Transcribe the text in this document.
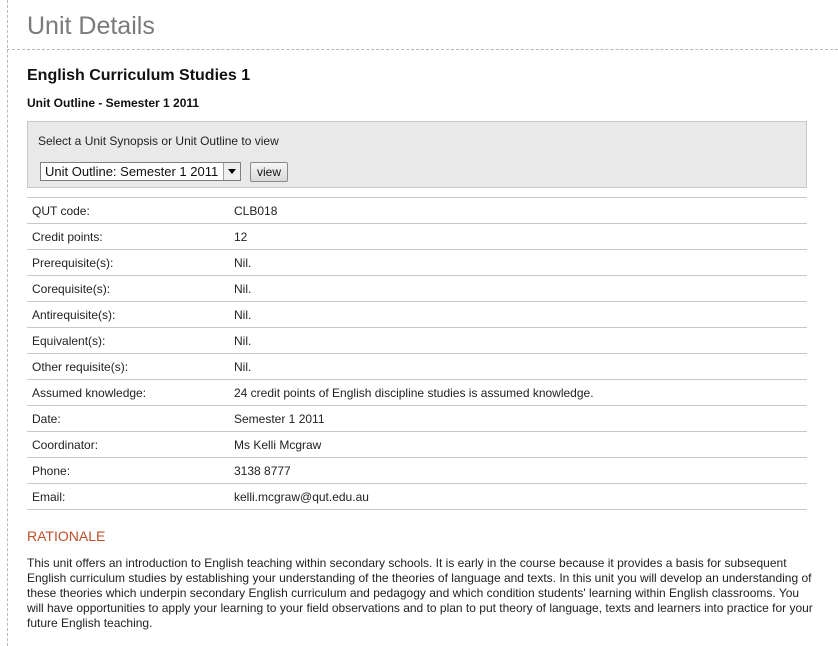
Unit Details
English Curriculum Studies 1
Unit Outline - Semester 1 2011
Select a Unit Synopsis or Unit Outline to view
Unit Outline: Semester 1 2011	view
QUT code:	CLB018
Credit points:	12
Prerequisite(s):	Nil.
Corequisite(s):	Nil.
Antirequisite(s):	Nil.
Equivalent(s):	Nil.
Other requisite(s):	Nil.
Assumed knowledge:	24 credit points of English discipline studies is assumed knowledge.
Date:	Semester 1 2011
Coordinator:	Ms Kelli Mcgraw
Phone:	3138 8777
Email:	kelli.mcgraw@qut.edu.au
RATIONALE

This unit offers an introduction to English teaching within secondary schools. It is early in the course because it provides a basis for subsequent English curriculum studies by establishing your understanding of the theories of language and texts. In this unit you will develop an understanding of these theories which underpin secondary English curriculum and pedagogy and which condition students' learning within English classrooms. You will have opportunities to apply your learning to your field observations and to plan to put theory of language, texts and learners into practice for your future English teaching.
